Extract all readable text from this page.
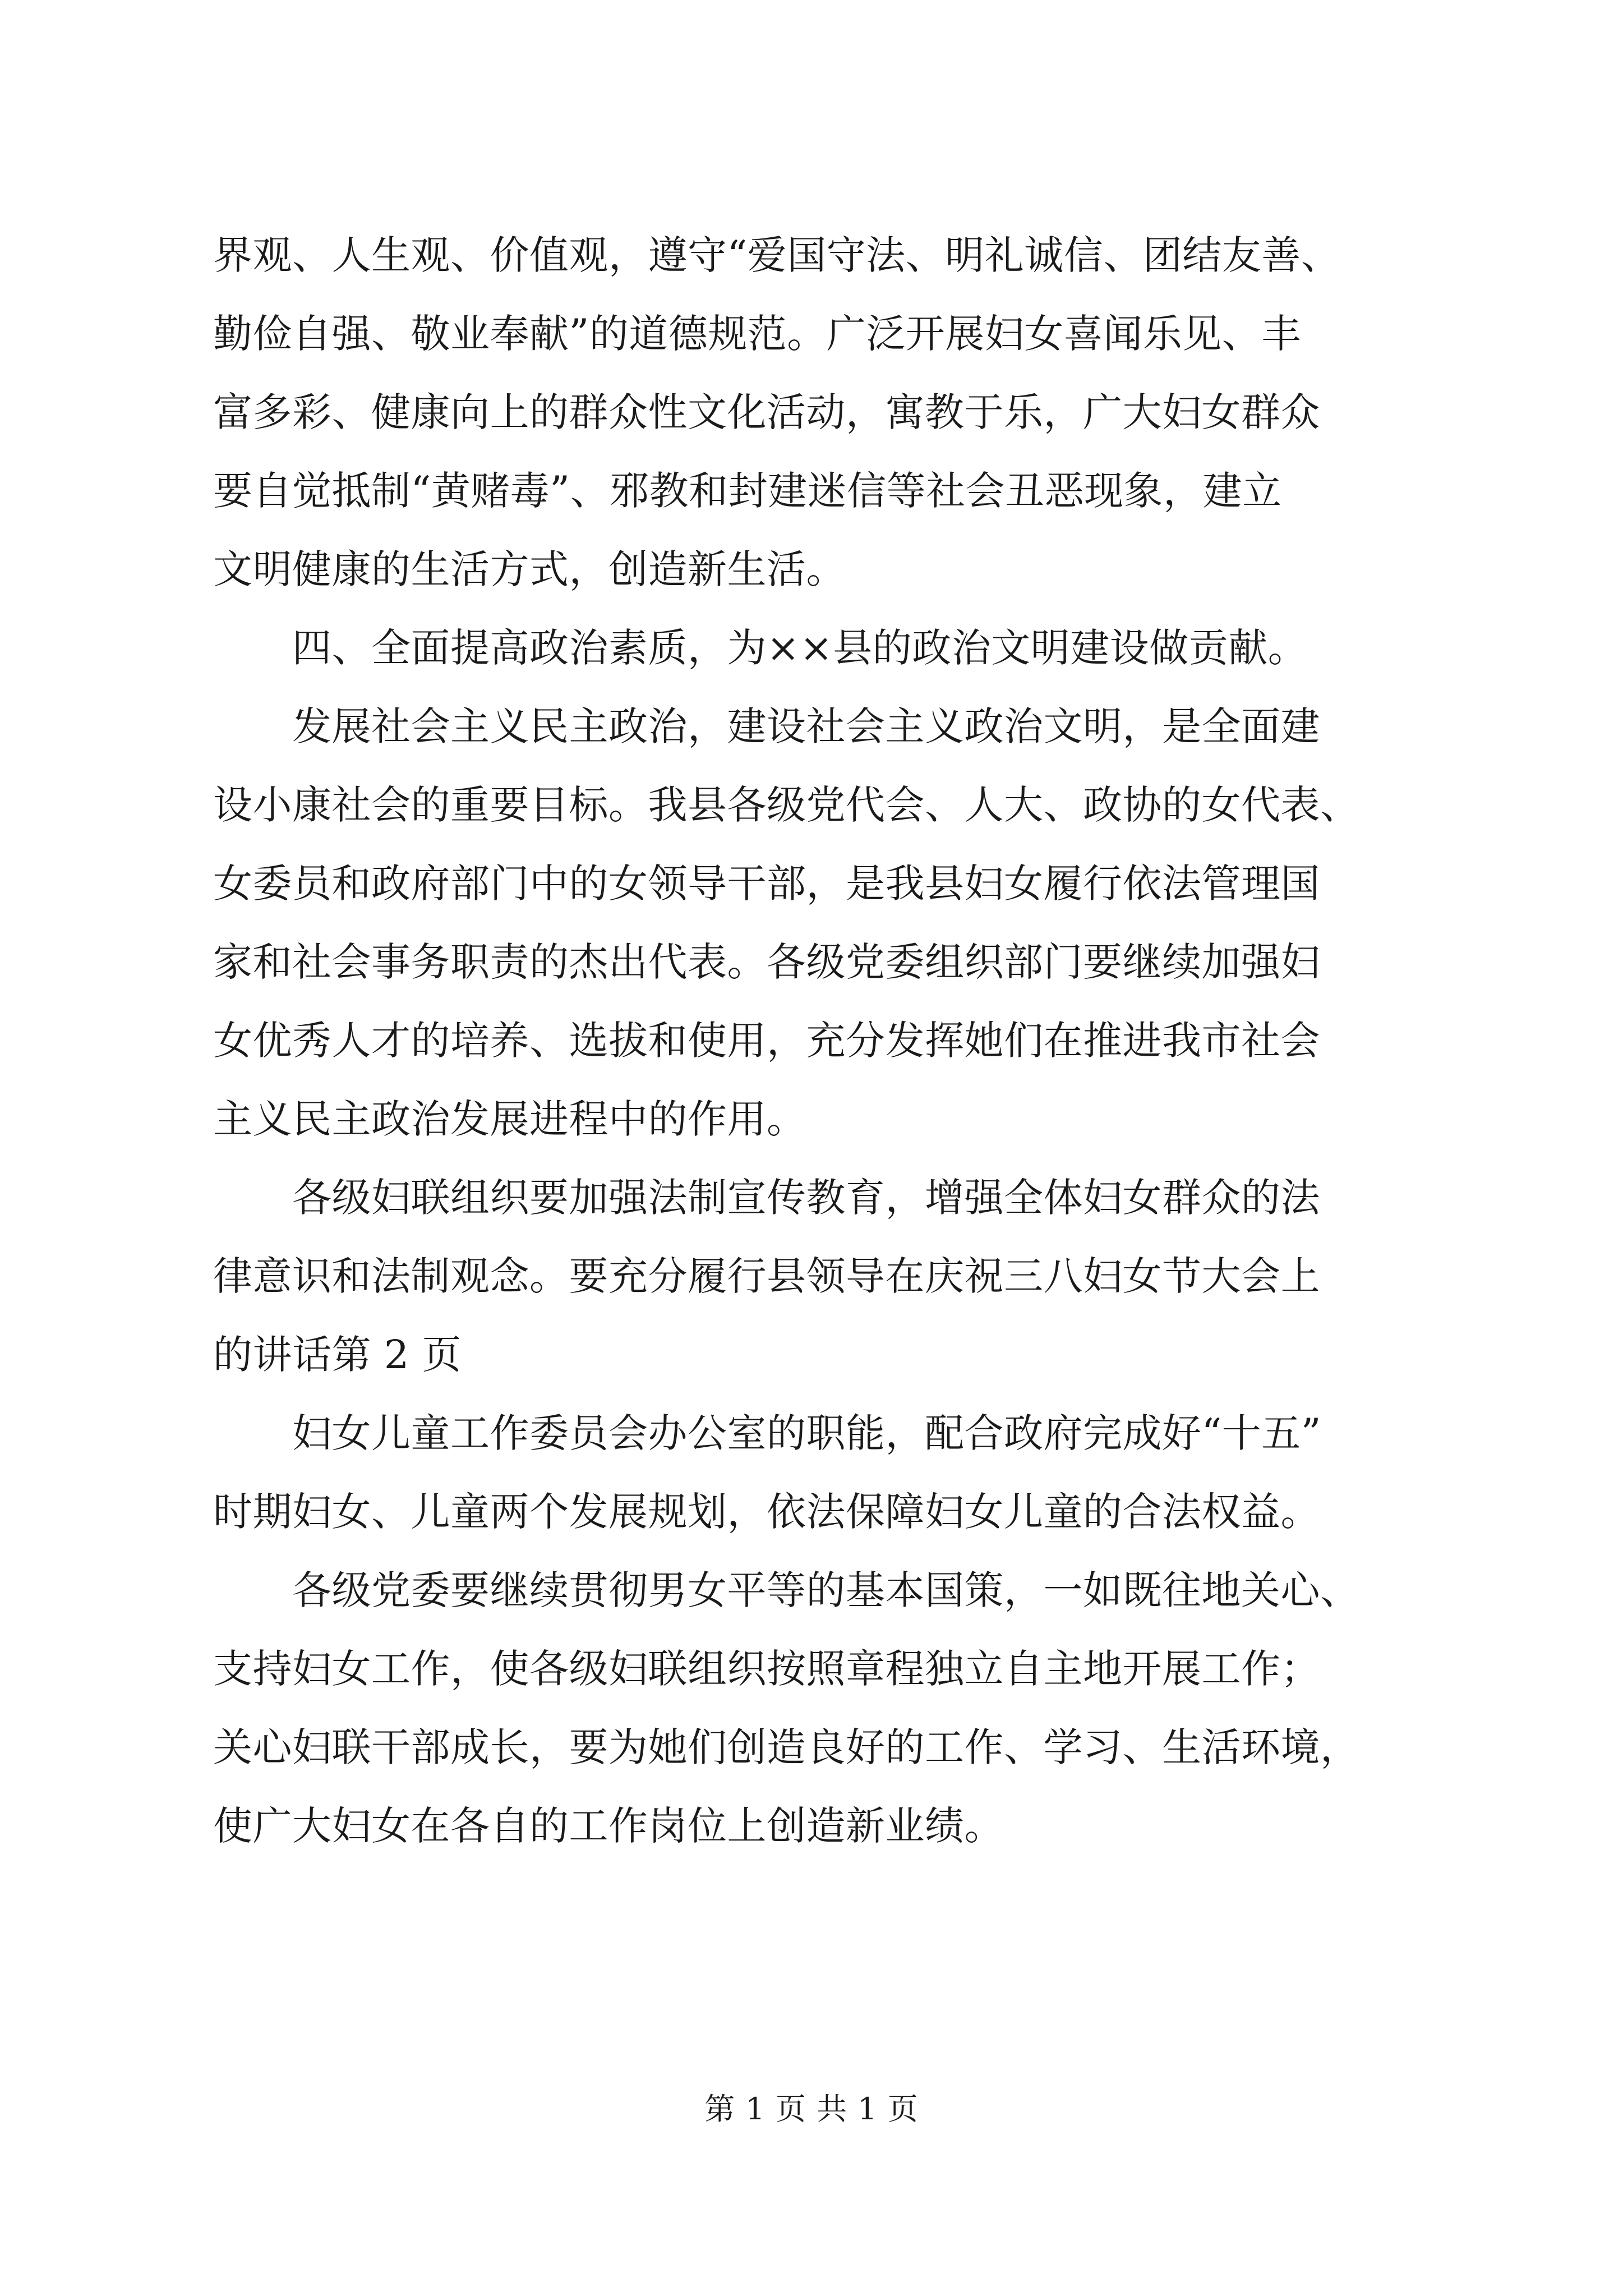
界观、人生观、价值观，遵守“爱国守法、明礼诚信、团结友善、
勤俭自强、敬业奉献”的道德规范。广泛开展妇女喜闻乐见、丰
富多彩、健康向上的群众性文化活动，寓教于乐，广大妇女群众
要自觉抵制“黄赌毒”、邪教和封建迷信等社会丑恶现象，建立
文明健康的生活方式，创造新生活。
　　四、全面提高政治素质，为××县的政治文明建设做贡献。
　　发展社会主义民主政治，建设社会主义政治文明，是全面建
设小康社会的重要目标。我县各级党代会、人大、政协的女代表、
女委员和政府部门中的女领导干部，是我县妇女履行依法管理国
家和社会事务职责的杰出代表。各级党委组织部门要继续加强妇
女优秀人才的培养、选拔和使用，充分发挥她们在推进我市社会
主义民主政治发展进程中的作用。
　　各级妇联组织要加强法制宣传教育，增强全体妇女群众的法
律意识和法制观念。要充分履行县领导在庆祝三八妇女节大会上
的讲话第 2 页
　　妇女儿童工作委员会办公室的职能，配合政府完成好“十五”
时期妇女、儿童两个发展规划，依法保障妇女儿童的合法权益。
　　各级党委要继续贯彻男女平等的基本国策，一如既往地关心、
支持妇女工作，使各级妇联组织按照章程独立自主地开展工作；
关心妇联干部成长，要为她们创造良好的工作、学习、生活环境，
使广大妇女在各自的工作岗位上创造新业绩。
第 1 页 共 1 页
